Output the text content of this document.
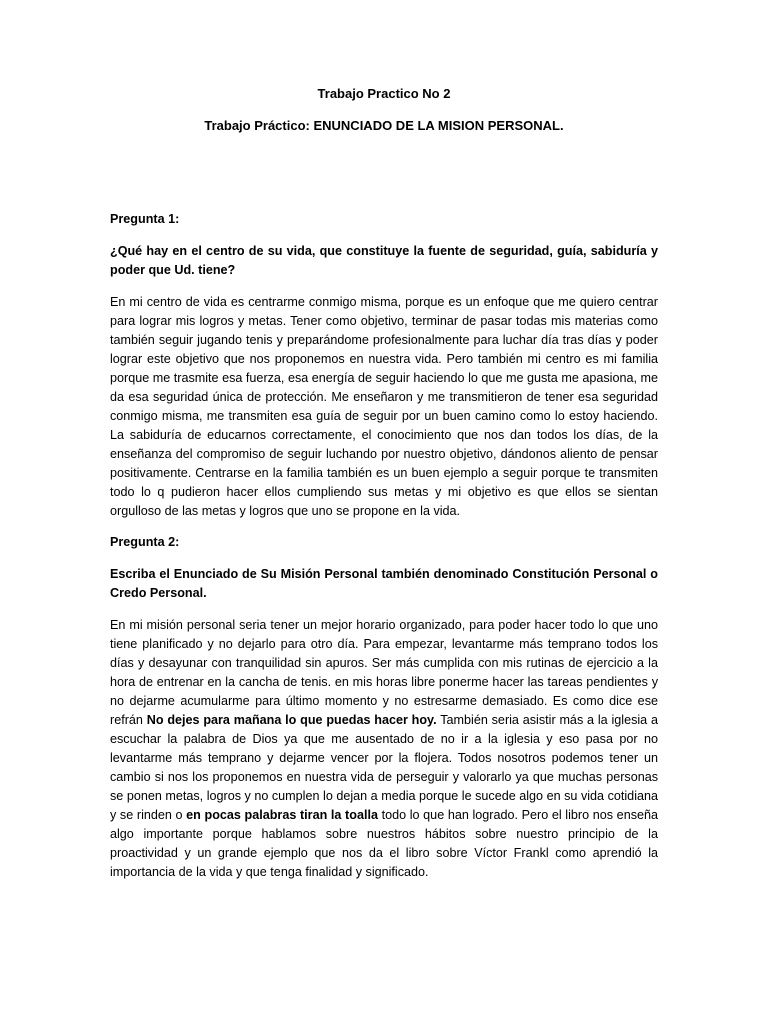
Trabajo Practico No 2
Trabajo Práctico: ENUNCIADO DE LA MISION PERSONAL.

Pregunta 1:

¿Qué hay en el centro de su vida, que constituye la fuente de seguridad, guía, sabiduría y poder que Ud. tiene?

En mi centro de vida es centrarme conmigo misma, porque es un enfoque que me quiero centrar para lograr mis logros y metas. Tener como objetivo, terminar de pasar todas mis materias como también seguir jugando tenis y preparándome profesionalmente para luchar día tras días y poder lograr este objetivo que nos proponemos en nuestra vida. Pero también mi centro es mi familia porque me trasmite esa fuerza, esa energía de seguir haciendo lo que me gusta me apasiona, me da esa seguridad única de protección. Me enseñaron y me transmitieron de tener esa seguridad conmigo misma, me transmiten esa guía de seguir por un buen camino como lo estoy haciendo. La sabiduría de educarnos correctamente, el conocimiento que nos dan todos los días, de la enseñanza del compromiso de seguir luchando por nuestro objetivo, dándonos aliento de pensar positivamente. Centrarse en la familia también es un buen ejemplo a seguir porque te transmiten todo lo q pudieron hacer ellos cumpliendo sus metas y mi objetivo es que ellos se sientan orgulloso de las metas y logros que uno se propone en la vida.

Pregunta 2:

Escriba el Enunciado de Su Misión Personal también denominado Constitución Personal o Credo Personal.

En mi misión personal seria tener un mejor horario organizado, para poder hacer todo lo que uno tiene planificado y no dejarlo para otro día. Para empezar, levantarme más temprano todos los días y desayunar con tranquilidad sin apuros. Ser más cumplida con mis rutinas de ejercicio a la hora de entrenar en la cancha de tenis. en mis horas libre ponerme hacer las tareas pendientes y no dejarme acumularme para último momento y no estresarme demasiado. Es como dice ese refrán No dejes para mañana lo que puedas hacer hoy. También seria asistir más a la iglesia a escuchar la palabra de Dios ya que me ausentado de no ir a la iglesia y eso pasa por no levantarme más temprano y dejarme vencer por la flojera. Todos nosotros podemos tener un cambio si nos los proponemos en nuestra vida de perseguir y valorarlo ya que muchas personas se ponen metas, logros y no cumplen lo dejan a media porque le sucede algo en su vida cotidiana y se rinden o en pocas palabras tiran la toalla todo lo que han logrado. Pero el libro nos enseña algo importante porque hablamos sobre nuestros hábitos sobre nuestro principio de la proactividad y un grande ejemplo que nos da el libro sobre Víctor Frankl como aprendió la importancia de la vida y que tenga finalidad y significado.
